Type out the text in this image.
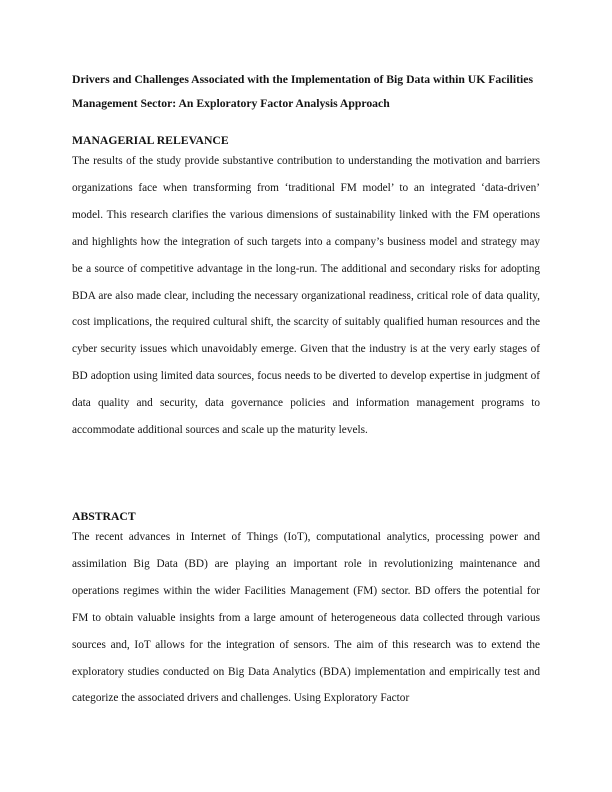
Drivers and Challenges Associated with the Implementation of Big Data within UK Facilities Management Sector: An Exploratory Factor Analysis Approach
MANAGERIAL RELEVANCE
The results of the study provide substantive contribution to understanding the motivation and barriers organizations face when transforming from ‘traditional FM model’ to an integrated ‘data-driven’ model. This research clarifies the various dimensions of sustainability linked with the FM operations and highlights how the integration of such targets into a company’s business model and strategy may be a source of competitive advantage in the long-run. The additional and secondary risks for adopting BDA are also made clear, including the necessary organizational readiness, critical role of data quality, cost implications, the required cultural shift, the scarcity of suitably qualified human resources and the cyber security issues which unavoidably emerge. Given that the industry is at the very early stages of BD adoption using limited data sources, focus needs to be diverted to develop expertise in judgment of data quality and security, data governance policies and information management programs to accommodate additional sources and scale up the maturity levels.
ABSTRACT
The recent advances in Internet of Things (IoT), computational analytics, processing power and assimilation Big Data (BD) are playing an important role in revolutionizing maintenance and operations regimes within the wider Facilities Management (FM) sector. BD offers the potential for FM to obtain valuable insights from a large amount of heterogeneous data collected through various sources and, IoT allows for the integration of sensors. The aim of this research was to extend the exploratory studies conducted on Big Data Analytics (BDA) implementation and empirically test and categorize the associated drivers and challenges. Using Exploratory Factor
